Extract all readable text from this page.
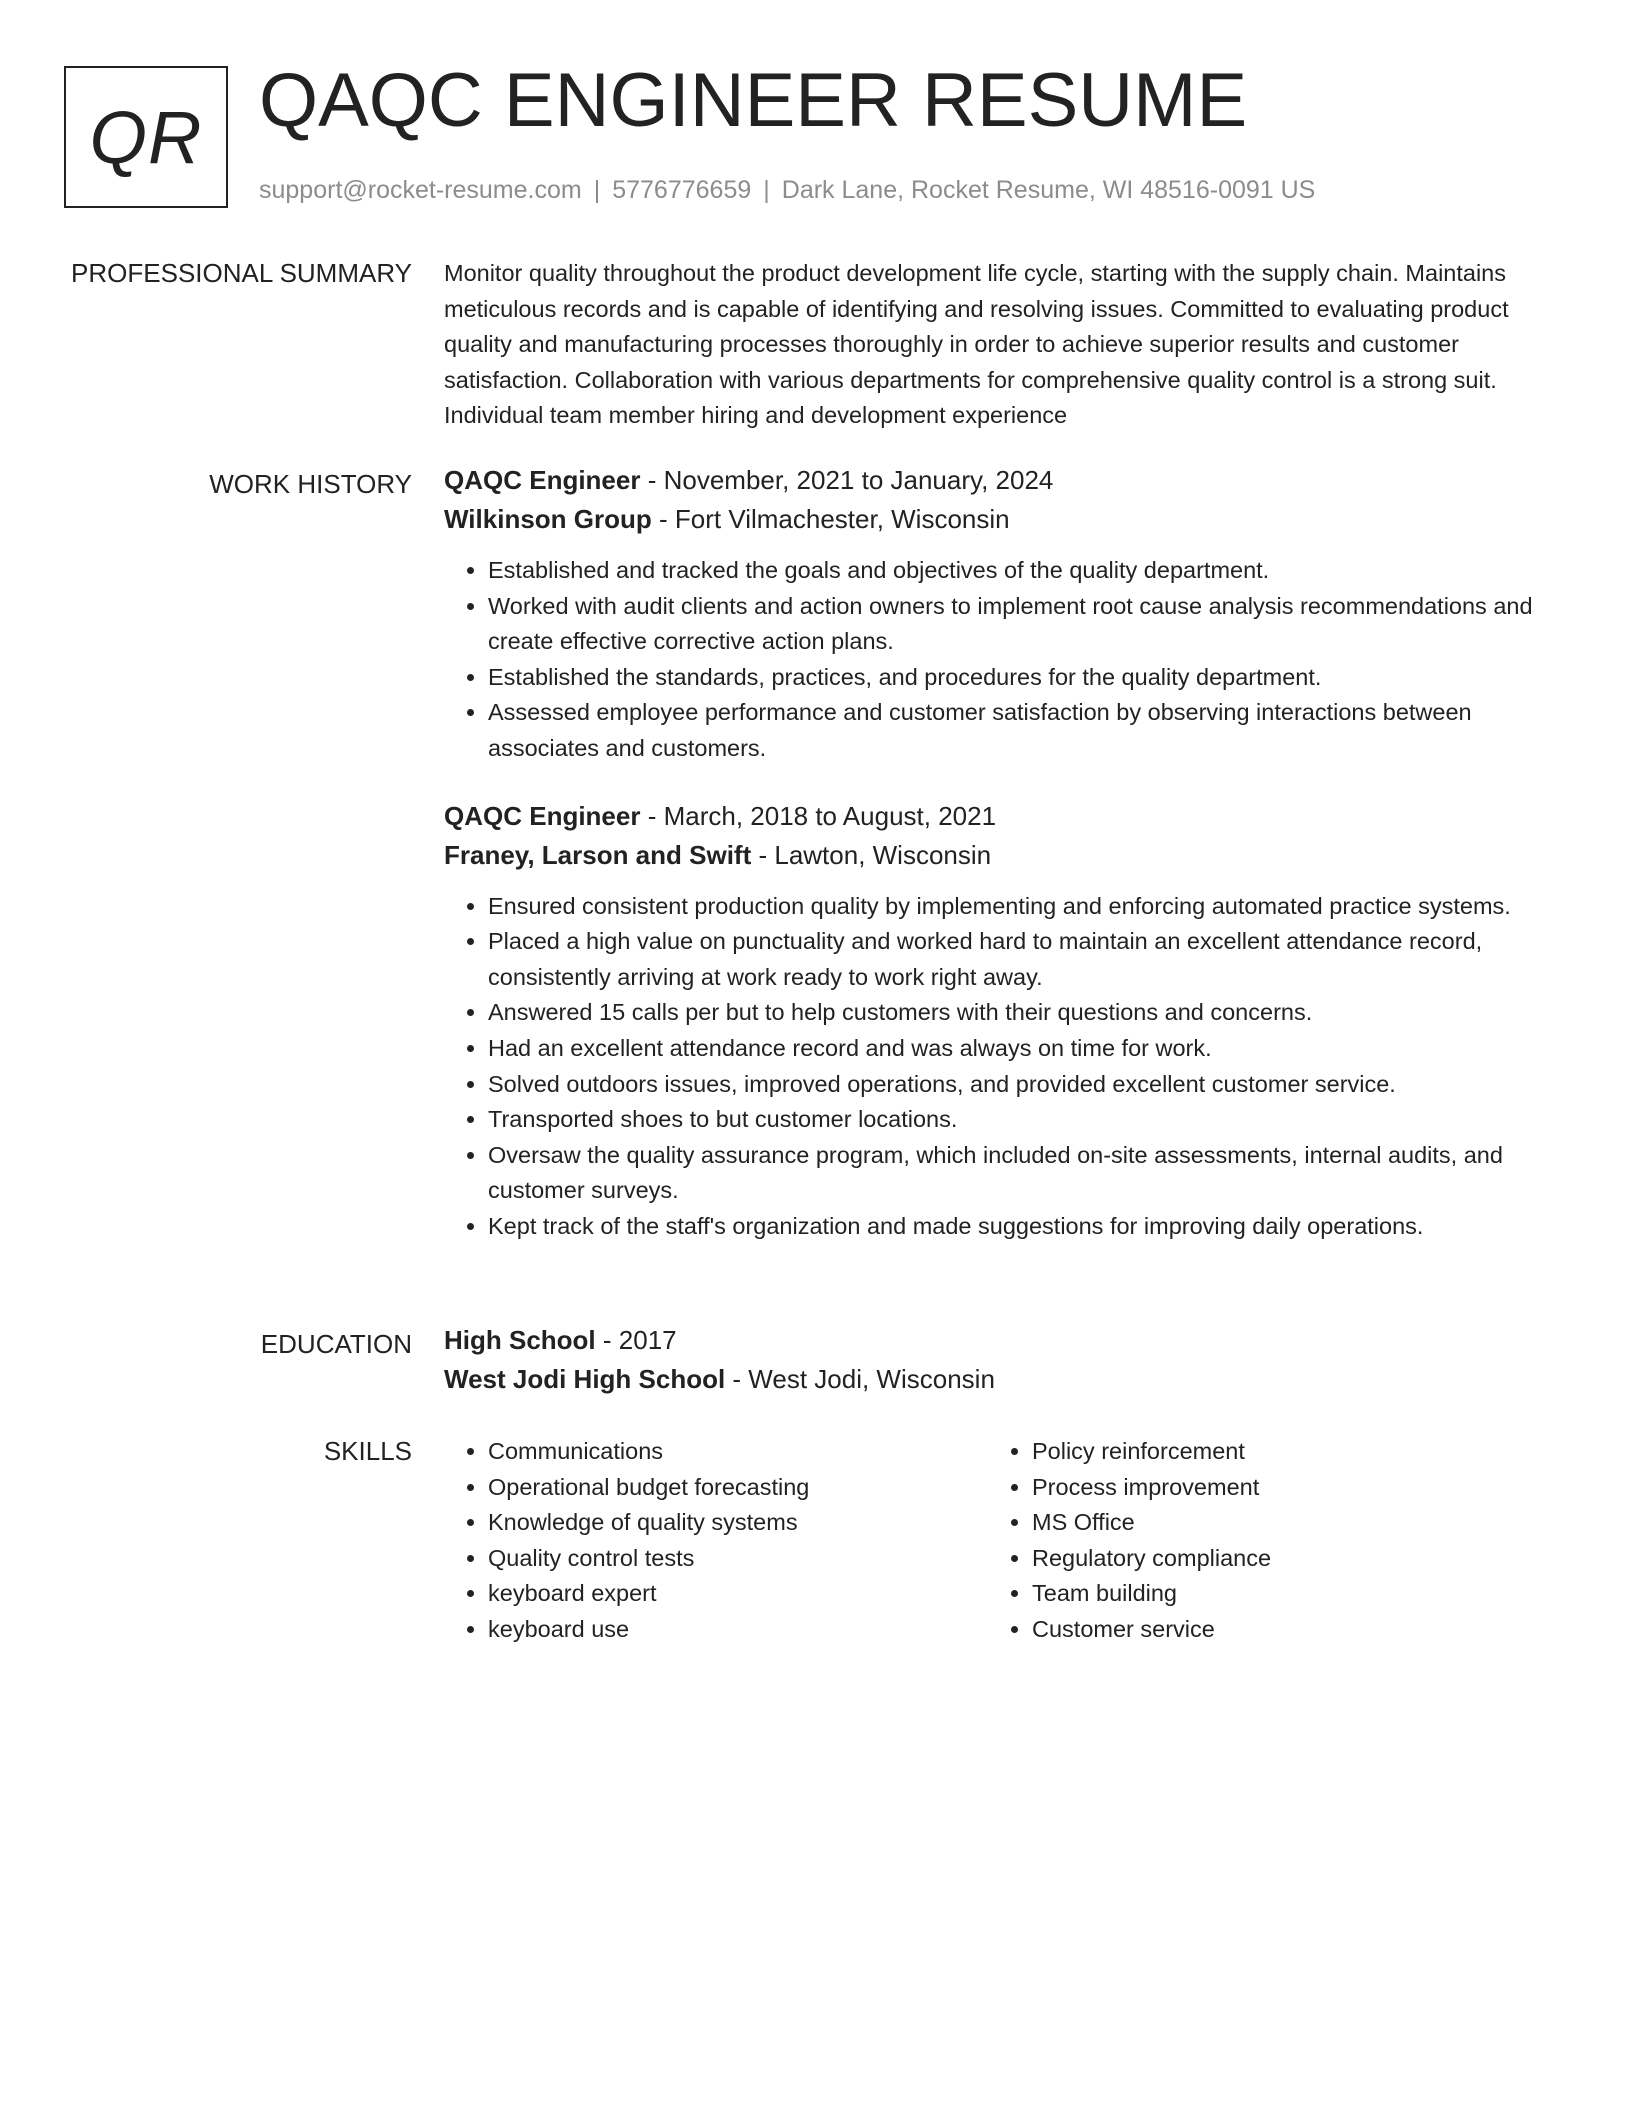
QR QAQC ENGINEER RESUME
support@rocket-resume.com | 5776776659 | Dark Lane, Rocket Resume, WI 48516-0091 US
PROFESSIONAL SUMMARY Monitor quality throughout the product development life cycle, starting with the supply chain. Maintains meticulous records and is capable of identifying and resolving issues. Committed to evaluating product quality and manufacturing processes thoroughly in order to achieve superior results and customer satisfaction. Collaboration with various departments for comprehensive quality control is a strong suit. Individual team member hiring and development experience

WORK HISTORY QAQC Engineer - November, 2021 to January, 2024
Wilkinson Group - Fort Vilmachester, Wisconsin
• Established and tracked the goals and objectives of the quality department.
• Worked with audit clients and action owners to implement root cause analysis recommendations and create effective corrective action plans.
• Established the standards, practices, and procedures for the quality department.
• Assessed employee performance and customer satisfaction by observing interactions between associates and customers.
QAQC Engineer - March, 2018 to August, 2021
Franey, Larson and Swift - Lawton, Wisconsin
• Ensured consistent production quality by implementing and enforcing automated practice systems.
• Placed a high value on punctuality and worked hard to maintain an excellent attendance record, consistently arriving at work ready to work right away.
• Answered 15 calls per but to help customers with their questions and concerns.
• Had an excellent attendance record and was always on time for work.
• Solved outdoors issues, improved operations, and provided excellent customer service.
• Transported shoes to but customer locations.
• Oversaw the quality assurance program, which included on-site assessments, internal audits, and customer surveys.
• Kept track of the staff's organization and made suggestions for improving daily operations.
EDUCATION High School - 2017
West Jodi High School - West Jodi, Wisconsin
SKILLS
•	Communications
• Operational budget forecasting
• Knowledge of quality systems
• Quality control tests
• keyboard expert
• keyboard use
• Policy reinforcement
• Process improvement
• MS Office
• Regulatory compliance
• Team building
• Customer service
